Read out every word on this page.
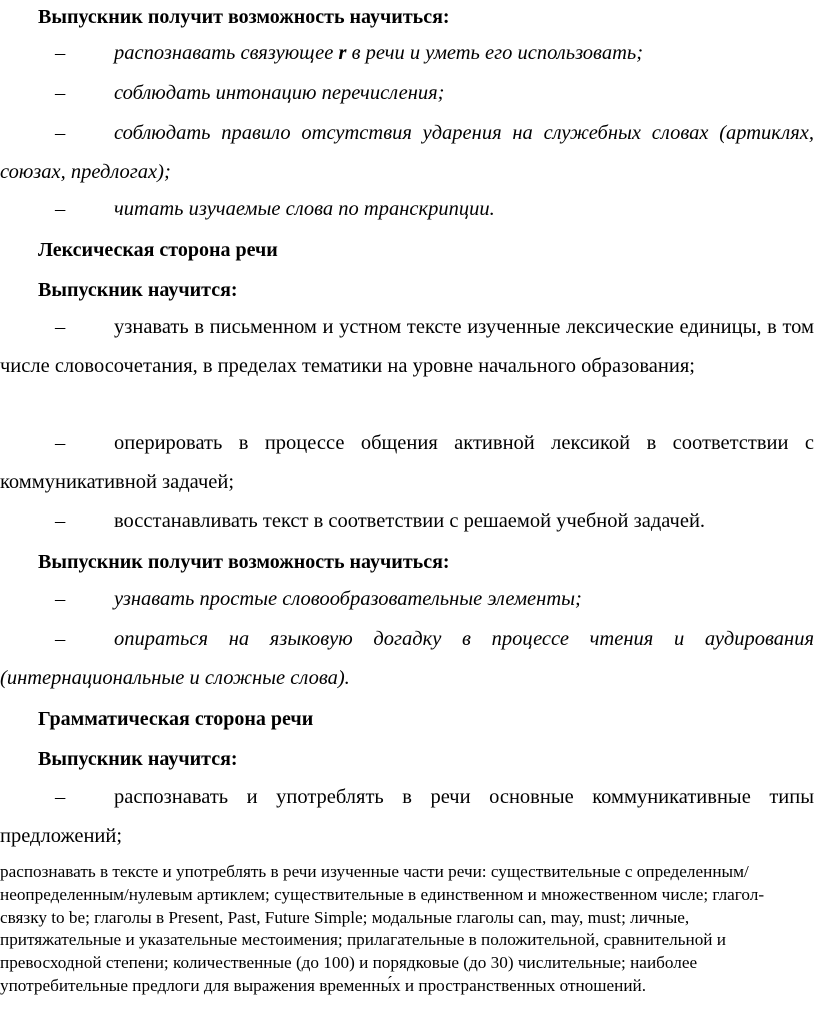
Выпускник получит возможность научиться:
–	распознавать связующее r в речи и уметь его использовать;
–	соблюдать интонацию перечисления;
–	соблюдать правило отсутствия ударения на служебных словах (артиклях, союзах, предлогах);
–	читать изучаемые слова по транскрипции.
Лексическая сторона речи
Выпускник научится:
–	узнавать в письменном и устном тексте изученные лексические единицы, в том числе словосочетания, в пределах тематики на уровне начального образования;
–	оперировать в процессе общения активной лексикой в соответствии с коммуникативной задачей;
–	восстанавливать текст в соответствии с решаемой учебной задачей.
Выпускник получит возможность научиться:
–	узнавать простые словообразовательные элементы;
–	опираться на языковую догадку в процессе чтения и аудирования (интернациональные и сложные слова).
Грамматическая сторона речи
Выпускник научится:
–	распознавать и употреблять в речи основные коммуникативные типы предложений;
распознавать в тексте и употреблять в речи изученные части речи: существительные с определенным/неопределенным/нулевым артиклем; существительные в единственном и множественном числе; глагол-связку to be; глаголы в Present, Past, Future Simple; модальные глаголы can, may, must; личные, притяжательные и указательные местоимения; прилагательные в положительной, сравнительной и превосходной степени; количественные (до 100) и порядковые (до 30) числительные; наиболее употребительные предлоги для выражения временны́х и пространственных отношений.
